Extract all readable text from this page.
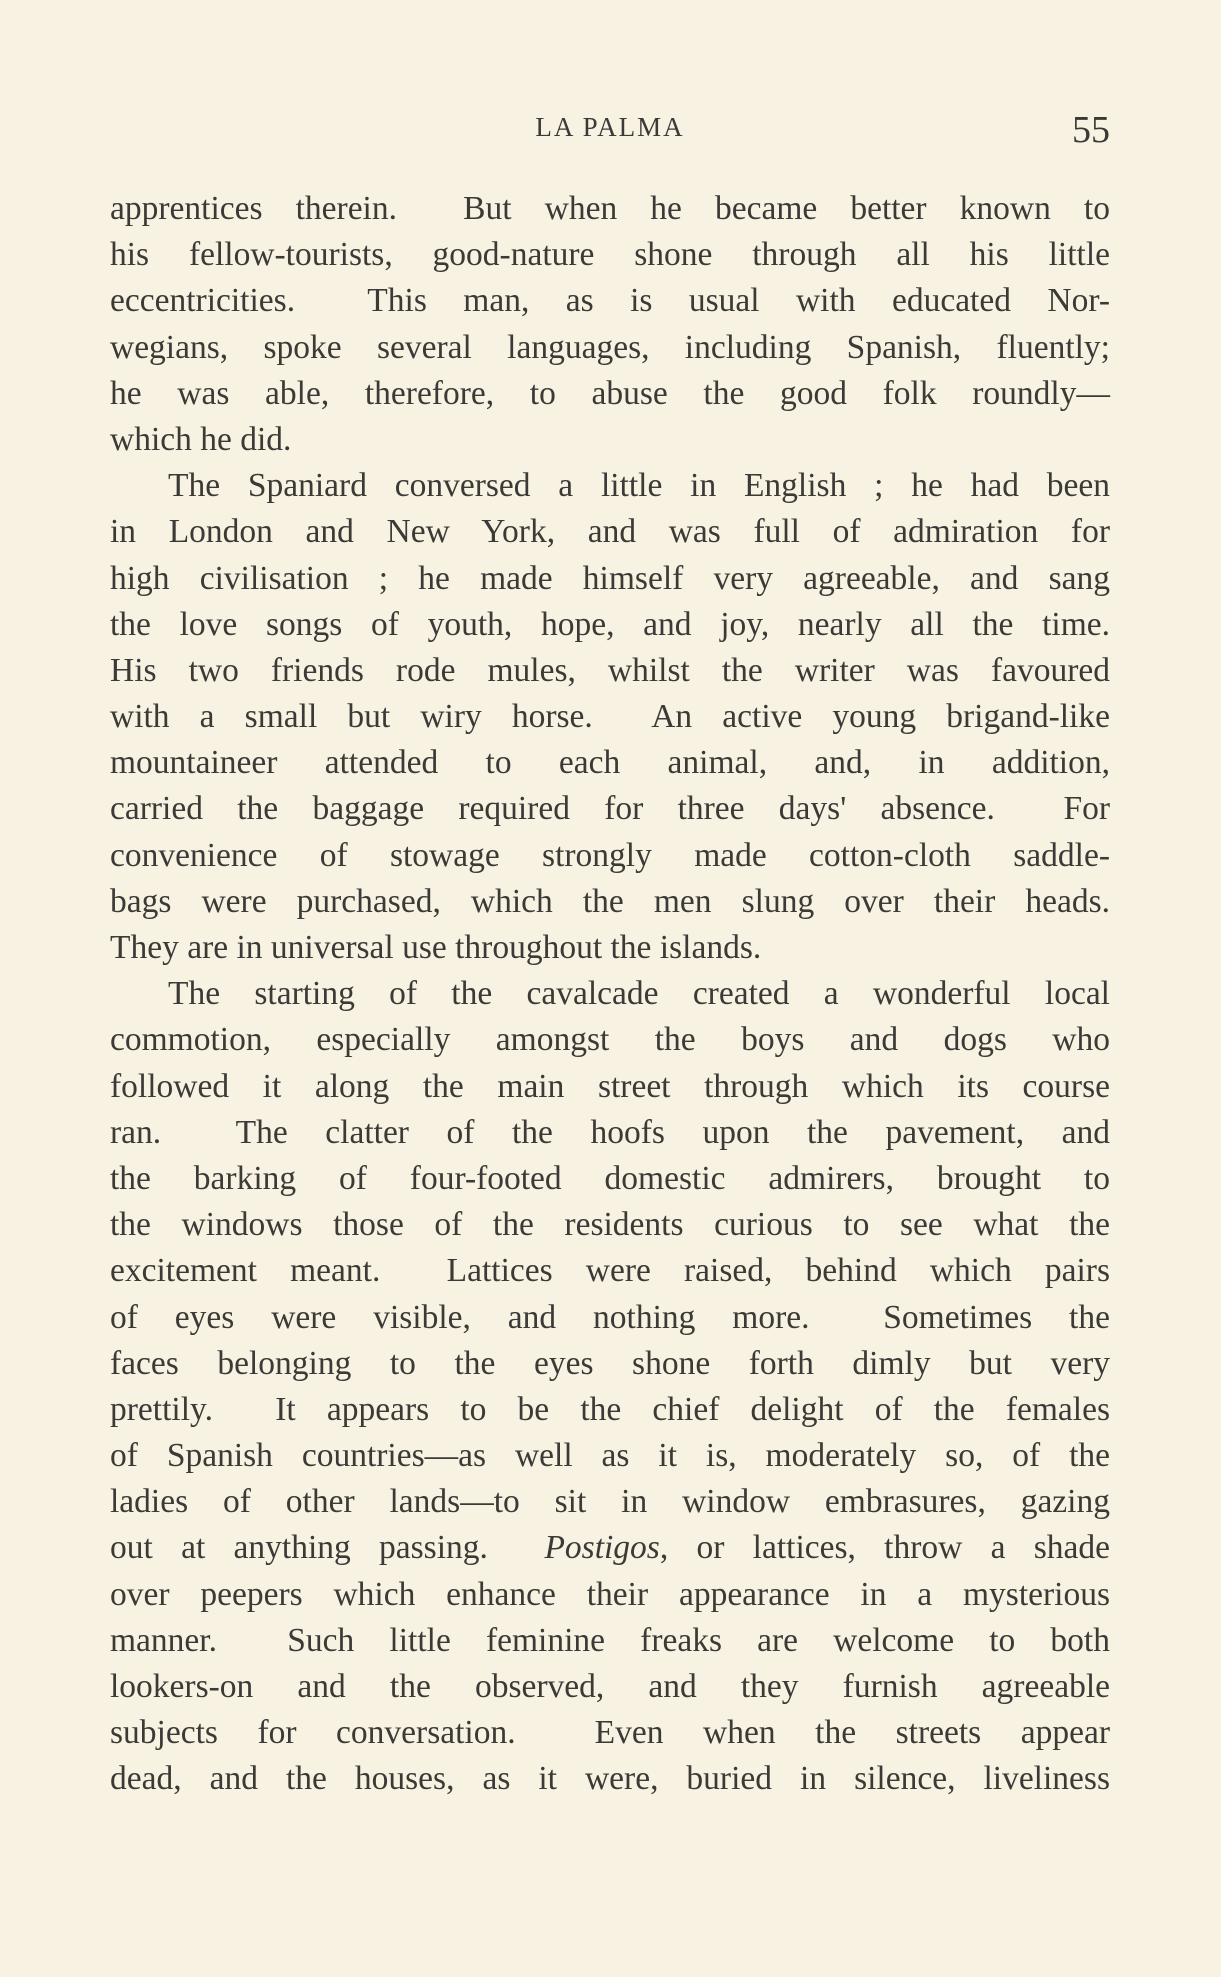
LA PALMA	55
apprentices therein.  But when he became better known to
his fellow-tourists, good-nature shone through all his little
eccentricities.  This man, as is usual with educated Nor-
wegians, spoke several languages, including Spanish, fluently;
he was able, therefore, to abuse the good folk roundly—
which he did.
The Spaniard conversed a little in English ; he had been
in London and New York, and was full of admiration for
high civilisation ; he made himself very agreeable, and sang
the love songs of youth, hope, and joy, nearly all the time.
His two friends rode mules, whilst the writer was favoured
with a small but wiry horse.  An active young brigand-like
mountaineer attended to each animal, and, in addition,
carried the baggage required for three days' absence.  For
convenience of stowage strongly made cotton-cloth saddle-
bags were purchased, which the men slung over their heads.
They are in universal use throughout the islands.
The starting of the cavalcade created a wonderful local
commotion, especially amongst the boys and dogs who
followed it along the main street through which its course
ran.  The clatter of the hoofs upon the pavement, and
the barking of four-footed domestic admirers, brought to
the windows those of the residents curious to see what the
excitement meant.  Lattices were raised, behind which pairs
of eyes were visible, and nothing more.  Sometimes the
faces belonging to the eyes shone forth dimly but very
prettily.  It appears to be the chief delight of the females
of Spanish countries—as well as it is, moderately so, of the
ladies of other lands—to sit in window embrasures, gazing
out at anything passing.  Postigos, or lattices, throw a shade
over peepers which enhance their appearance in a mysterious
manner.  Such little feminine freaks are welcome to both
lookers-on and the observed, and they furnish agreeable
subjects for conversation.  Even when the streets appear
dead, and the houses, as it were, buried in silence, liveliness
